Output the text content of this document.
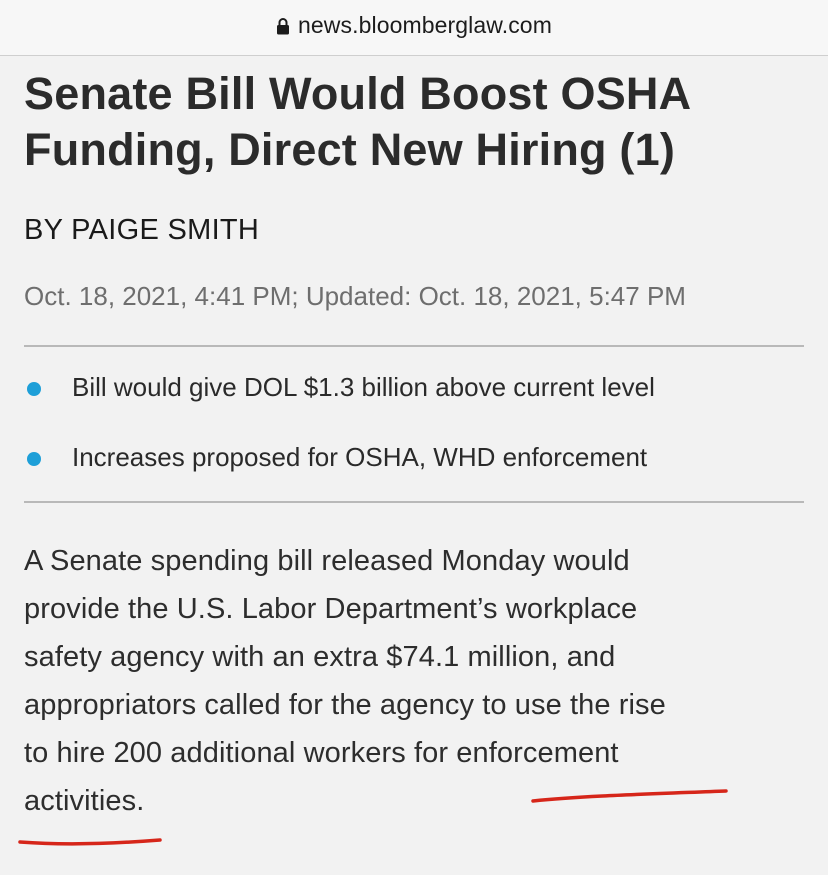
news.bloomberglaw.com
Senate Bill Would Boost OSHA
Funding, Direct New Hiring (1)
BY PAIGE SMITH
Oct. 18, 2021, 4:41 PM; Updated: Oct. 18, 2021, 5:47 PM
Bill would give DOL $1.3 billion above current level
Increases proposed for OSHA, WHD enforcement

A Senate spending bill released Monday would
provide the U.S. Labor Department’s workplace
safety agency with an extra $74.1 million, and
appropriators called for the agency to use the rise
to hire 200 additional workers for enforcement
activities.
